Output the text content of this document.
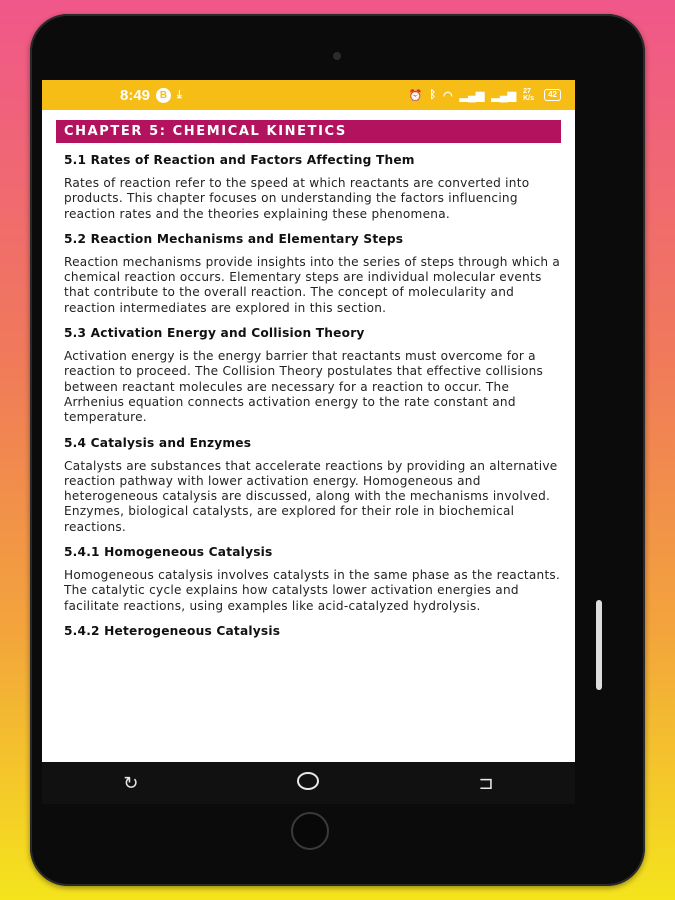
8:49 B ⤓	⏰ ᛒ ◠ ▂▄▆ ▂▄▆ 27 K/s	42
CHAPTER 5: CHEMICAL KINETICS
5.1 Rates of Reaction and Factors Affecting Them

Rates of reaction refer to the speed at which reactants are converted into products. This chapter focuses on understanding the factors influencing reaction rates and the theories explaining these phenomena.

5.2 Reaction Mechanisms and Elementary Steps

Reaction mechanisms provide insights into the series of steps through which a chemical reaction occurs. Elementary steps are individual molecular events that contribute to the overall reaction. The concept of molecularity and reaction intermediates are explored in this section.

5.3 Activation Energy and Collision Theory

Activation energy is the energy barrier that reactants must overcome for a reaction to proceed. The Collision Theory postulates that effective collisions between reactant molecules are necessary for a reaction to occur. The Arrhenius equation connects activation energy to the rate constant and temperature.

5.4 Catalysis and Enzymes

Catalysts are substances that accelerate reactions by providing an alternative reaction pathway with lower activation energy. Homogeneous and heterogeneous catalysis are discussed, along with the mechanisms involved. Enzymes, biological catalysts, are explored for their role in biochemical reactions.

5.4.1 Homogeneous Catalysis

Homogeneous catalysis involves catalysts in the same phase as the reactants. The catalytic cycle explains how catalysts lower activation energies and facilitate reactions, using examples like acid-catalyzed hydrolysis.

5.4.2 Heterogeneous Catalysis

↻	⊐
